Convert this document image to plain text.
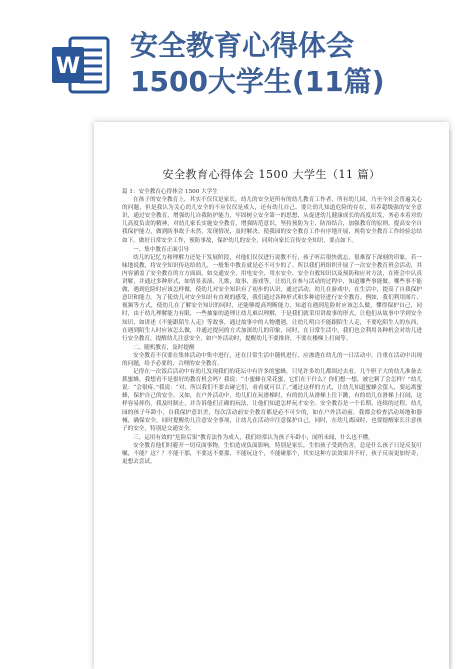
W
安全教育心得体会
1500大学生(11篇)
安全教育心得体会 1500 大学生（11 篇）

篇 1：安全教育心得体会 1500 大学生

在孩子的安全教育上，其实不仅仅是家长。幼儿的安全是所有的幼儿教育工作者，所有幼儿园，乃至全社会普遍关心的问题，但是我认为关心幼儿安全的不应仅仅是成人，还有幼儿自己，要让幼儿知道危险的存在，培养超级强的安全意识，通过安全教育，增强幼儿自我防护能力，牢固树立安全第一的思想，从促进幼儿健康成长的高度出发，务必本着对幼儿高度负责的精神，对幼儿家长实施安全教育，增强防范意识，坚持预防为主，防治结合，加强教育的原则，提高安全自我保护能力，做到防事故于未然，发现情况，及时解决。使我园的安全教育工作有序地开展，现将安全教育工作经验总结如下。做好日常安全工作，预防事故，保护幼儿的安全，同时向家长宣传安全知识，要点如下。

一、集中教育正面引导

幼儿的记忆力和理解力还处于发展阶段，对他们仅仅进行说教不行，孩子听后很快就忘，很难留下深刻的印象，若一味地说教，将安全知识传达给幼儿，一般集中教育就是必不可少的了。所以我们班组织开展了一次安全教育班会活动，其内容涵盖了安全教育的方方面面，如交通安全、用电安全、用水安全、安全自救知识以及预防和应对方法，在班会中认真讲解，并通过多种形式，如情景表演、儿歌、故事、游戏等，让幼儿在参与活动的过程中，知道哪些事能做，哪些事不能做，遇到危险时应该怎样做，使幼儿对安全知识有了初步的认识，通过活动，幼儿在游戏中，在生活中，提高了自我保护意识和能力。为了使幼儿对安全知识有直观的感受，我们通过各种形式和多种途径进行安全教育。例如，我们利用图片、视频等方式，使幼儿在了解安全知识的同时，还能够提高判断能力，知道在遇到危险时应该怎么做，懂得保护自己，同时，由于幼儿理解能力有限，一些抽象的道理让幼儿难以理解，于是我们就采用讲故事的形式，让他们从故事中学到安全知识，如讲述《不能跟陌生人走》等故事，通过故事中的人物遭遇，让幼儿明白不能跟陌生人走，不要吃陌生人的东西，在遇到陌生人时应该怎么做，并通过提问的方式加深幼儿的印象，同时，在日常生活中，我们也会利用各种机会对幼儿进行安全教育，提醒幼儿注意安全，如户外活动时，提醒幼儿不要推挤，不要在楼梯上打闹等。

二、随机教育，及时提醒

安全教育不仅要在集体活动中集中进行，还在日常生活中随机进行，应渗透在幼儿的一日活动中，注重在活动中出现的问题，给予必要的、合理的安全教育。

记得在一次饭后活动中有幼儿发现我们的花坛中有许多的蜜蜂，只见许多幼儿都围过去看，几个胆子大的幼儿准备去抓蜜蜂，我想看不是很好的教育机会吗？我说：“小蜜蜂在采花蜜，它们在干什么？你们想一想，被它刺了会怎样？”幼儿说：“会很疼。”我说：“对，所以我们不要去碰它们，看看就可以了。”通过这样的方式，让幼儿知道蜜蜂会蜇人，要远离蜜蜂，保护自己的安全。又如，在户外活动中，幼儿们在玩滑梯时，有的幼儿从滑梯上往下跳，有的幼儿在滑梯上打闹，这样容易摔伤，我及时制止，并告诉他们正确的玩法，让他们知道怎样玩才安全。安全教育是一个长期、连续的过程，幼儿园的孩子年龄小，自我保护意识差，每次活动前安全教育都是必不可少的，如在户外活动前，我都会检查活动场地和器械，确保安全，同时提醒幼儿注意安全事项，让幼儿在活动中注意保护自己，同时，在幼儿离园时，也要提醒家长注意孩子的安全，特别是交通安全。

三、运用有效的“危险后果”教育法作为成人，我们经常认为孩子年龄小，闻所未闻，什么也不懂。

安全教育他们时避开一切反面事物，生怕造成负面影响，特别是家长，生怕孩子受到伤害，总是什么孩子只是反复叮嘱，不能？这？？不能干那，不要这不要那，不能玩这个，不能碰那个，其实这种方法效果并不好，孩子反而更加好奇，更想去尝试。
